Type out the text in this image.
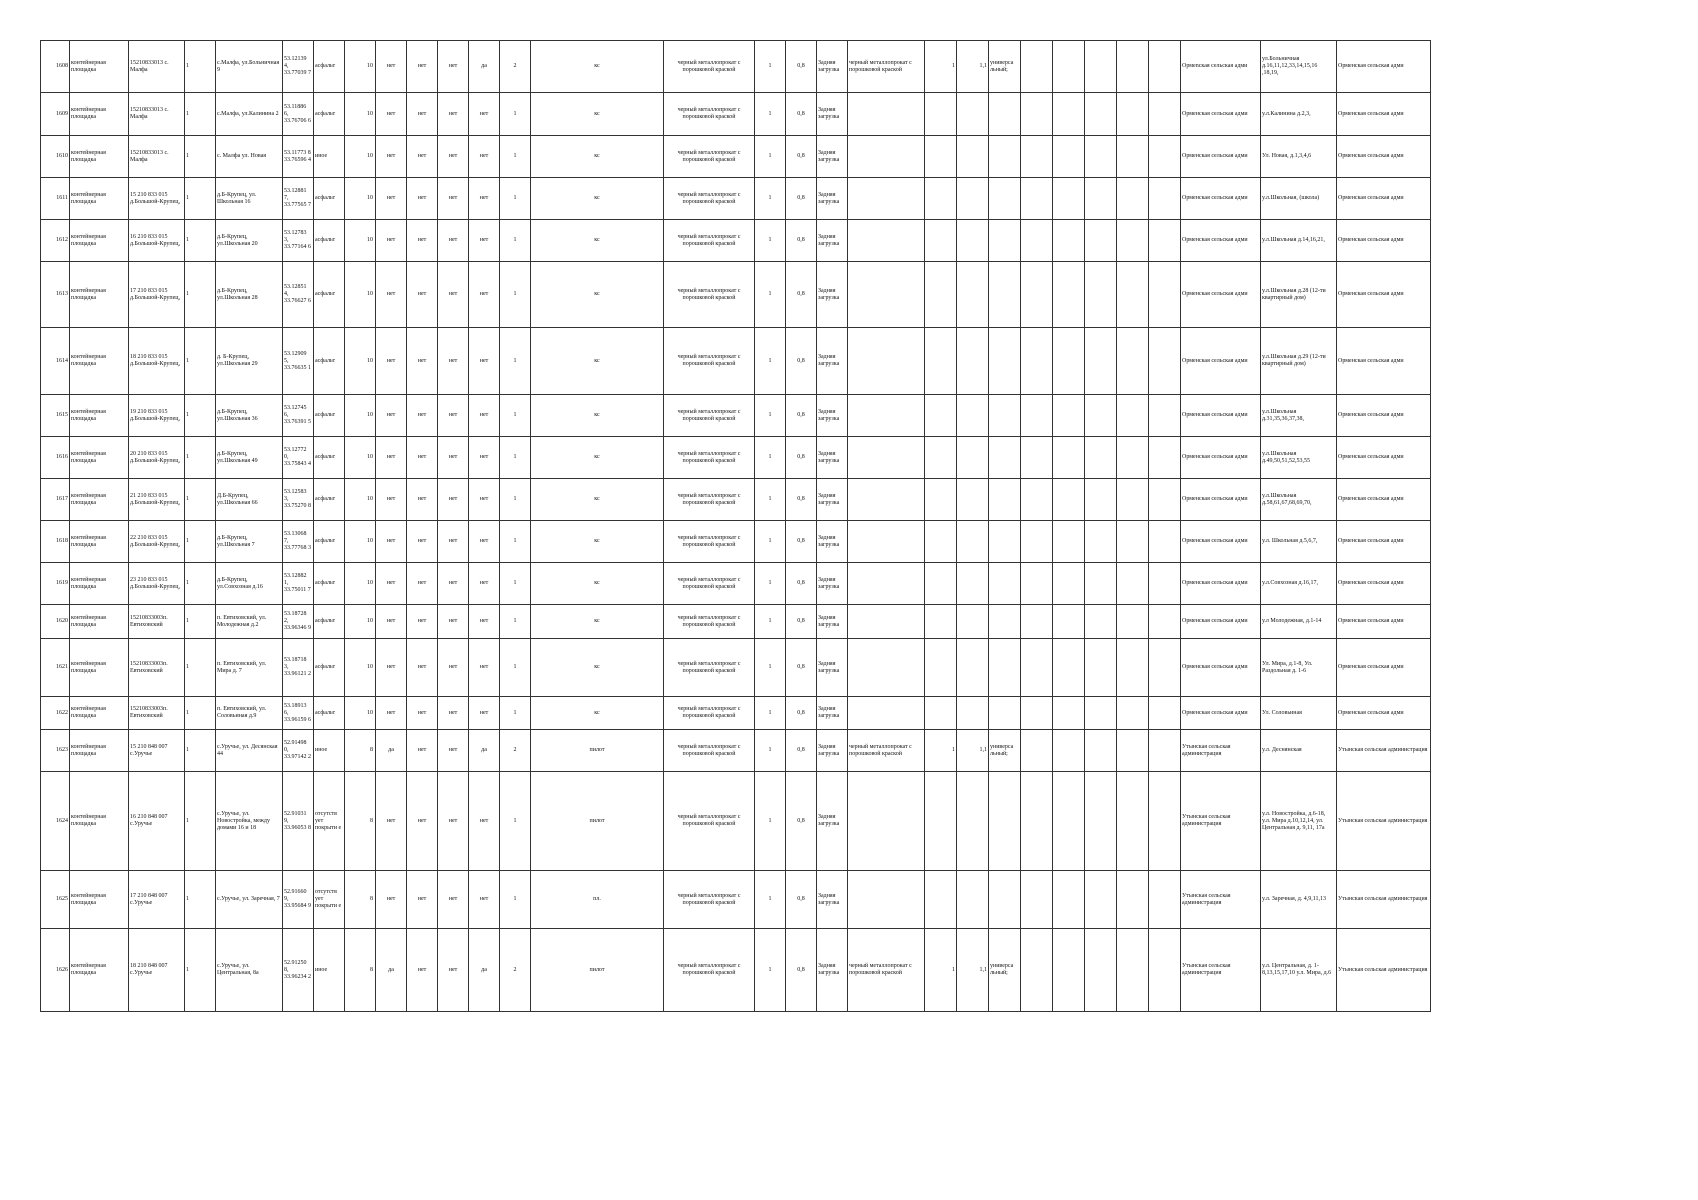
1608	контейнерная площадка	15210833013 с. Малфа	1	с.Малфа, ул.Больничная 9	53.12139 4, 33.77039 7	асфальт	10	нет	нет	нет	да	2	кс	черный металлопрокат с порошковой краской	1	0,8	Задняя загрузка	черный металлопрокат с порошковой краской	1	1,1	универса льный;						Ормenская сельская адми	ул.Больничная д.16,11,12,33,14,15,16 ,18,19,	Орменская сельская адми
1609	контейнерная площадка	15210833013 с. Малфа	1	с.Малфа, ул.Калинина 2	53.11886 6, 33.76706 6	асфальт	10	нет	нет	нет	нет	1	кс	черный металлопрокат с порошковой краской	1	0,8	Задняя загрузка										Орменская сельская адми	у.л.Калинина д.2,3,	Орменская сельская адми
1610	контейнерная площадка	15210833013 с. Малфа	1	с. Малфа ул. Новая	53.11773 8 33.76596 4	иное	10	нет	нет	нет	нет	1	кс	черный металлопрокат с порошковой краской	1	0,8	Задняя загрузка										Орменская сельская адми	Ул. Новая, д.1,3,4,6	Орменская сельская адми
1611	контейнерная площадка	15 210 833 015 д.Большой-Крупец,	1	д.Б-Крупец, ул. Школьная 16	53.12881 7, 33.77565 7	асфальт	10	нет	нет	нет	нет	1	кс	черный металлопрокат с порошковой краской	1	0,8	Задняя загрузка										Орменская сельская адми	у.л.Школьная, (школа)	Орменская сельская адми
1612	контейнерная площадка	16 210 833 015 д.Большой-Крупец,	1	д.Б-Крупец, ул.Школьная 20	53.12783 3, 33.77164 6	асфальт	10	нет	нет	нет	нет	1	кс	черный металлопрокат с порошковой краской	1	0,8	Задняя загрузка										Орменская сельская адми	у.л.Школьная д.14,16,21,	Орменская сельская адми
1613	контейнерная площадка	17 210 833 015 д.Большой-Крупец,	1	д.Б-Крупец, ул.Школьная 28	53.12851 4, 33.76627 6	асфальт	10	нет	нет	нет	нет	1	кс	черный металлопрокат с порошковой краской	1	0,8	Задняя загрузка										Орменская сельская адми	у.л.Школьная д.28 (12-ти квартирный дом)	Орменская сельская адми
1614	контейнерная площадка	18 210 833 015 д.Большой-Крупец,	1	д. Б-Крупец, ул.Школьная 29	53.12909 5, 33.76635 1	асфальт	10	нет	нет	нет	нет	1	кс	черный металлопрокат с порошковой краской	1	0,8	Задняя загрузка										Орменская сельская адми	у.л.Школьная д.29 (12-ти квартирный дом)	Орменская сельская адми
1615	контейнерная площадка	19 210 833 015 д.Большой-Крупец,	1	д.Б-Крупец, ул.Школьная 36	53.12745 6, 33.76391 5	асфальт	10	нет	нет	нет	нет	1	кс	черный металлопрокат с порошковой краской	1	0,8	Задняя загрузка										Орменская сельская адми	у.л.Школьная д.31,35,36,37,38,	Орменская сельская адми
1616	контейнерная площадка	20 210 833 015 д.Большой-Крупец,	1	д.Б-Крупец, ул.Школьная 49	53.12772 0, 33.75843 4	асфальт	10	нет	нет	нет	нет	1	кс	черный металлопрокат с порошковой краской	1	0,8	Задняя загрузка										Орменская сельская адми	у.л.Школьная д.49,50,51,52,53,55	Орменская сельская адми
1617	контейнерная площадка	21 210 833 015 д.Большой-Крупец,	1	Д.Б-Крупец, ул.Школьная 66	53.12583 3, 33.75270 8	асфальт	10	нет	нет	нет	нет	1	кс	черный металлопрокат с порошковой краской	1	0,8	Задняя загрузка										Орменская сельская адми	у.л.Школьная д.58,61,67,68,69,70,	Орменская сельская адми
1618	контейнерная площадка	22 210 833 015 д.Большой-Крупец,	1	д.Б-Крупец, ул.Школьная 7	53.13068 7, 33.77768 3	асфальт	10	нет	нет	нет	нет	1	кс	черный металлопрокат с порошковой краской	1	0,8	Задняя загрузка										Орменская сельская адми	у.л. Школьная д.5,6,7,	Орменская сельская адми
1619	контейнерная площадка	23 210 833 015 д.Большой-Крупец,	1	д.Б-Крупец, ул.Совхозная д.16	53.12882 1, 33.75011 7	асфальт	10	нет	нет	нет	нет	1	кс	черный металлопрокат с порошковой краской	1	0,8	Задняя загрузка										Орменская сельская адми	у.л.Совхозная д.16,17,	Орменская сельская адми
1620	контейнерная площадка	15210833003п. Евтиховский	1	п. Евтиховский, ул. Молодежная д.2	53.18728 2, 33.96346 9	асфальт	10	нет	нет	нет	нет	1	кс	черный металлопрокат с порошковой краской	1	0,8	Задняя загрузка										Орменская сельская адми	у.л Молодежная, д.1-14	Орменская сельская адми
1621	контейнерная площадка	15210833003п. Евтиховский	1	п. Евтиховский, ул. Мира д. 7	53.18718 3, 33.96121 2	асфальт	10	нет	нет	нет	нет	1	кс	черный металлопрокат с порошковой краской	1	0,8	Задняя загрузка										Орменская сельская адми	Ул. Мира, д.1-8, Ул. Раздольная д. 1-6	Орменская сельская адми
1622	контейнерная площадка	15210833003п. Евтиховский	1	п. Евтиховский, ул. Соловьиная д.9	53.18913 6, 33.96159 6	асфальт	10	нет	нет	нет	нет	1	кс	черный металлопрокат с порошковой краской	1	0,8	Задняя загрузка										Орменская сельская адми	Ул. Соловьиная	Орменская сельская адми
1623	контейнерная площадка	15 210 848 007 с.Уручье	1	с.Уручье, ул. Десянская 44	52.91498 0, 33.97142 2	иное	8	да	нет	нет	да	2	пилот	черный металлопрокат с порошковой краской	1	0,8	Задняя загрузка	черный металлопрокат с порошковой краской	1	1,1	универса льный;						Утынская сельская администрация	у.л. Деснянская	Утынская сельская администрация
1624	контейнерная площадка	16 210 848 007 с.Уручье	1	с.Уручье, ул. Новостройка, между домами 16 и 18	52.91031 9, 33.96053 8	отсутств ует покрыти е	8	нет	нет	нет	нет	1	пилот	черный металлопрокат с порошковой краской	1	0,8	Задняя загрузка										Утынская сельская администрация	у.л. Новостройка, д.6-18, у.л. Мира д.10,12,14, ул. Центральная д. 9,11, 17а	Утынская сельская администрация
1625	контейнерная площадка	17 210 848 007 с.Уручье	1	с.Уручье, ул. Заречная, 7	52.91660 9, 33.95684 9	отсутств ует покрыти е	8	нет	нет	нет	нет	1	пл.	черный металлопрокат с порошковой краской	1	0,8	Задняя загрузка										Утынская сельская администрация	у.л. Заречная, д. 4,9,11,13	Утынская сельская администрация
1626	контейнерная площадка	18 210 848 007 с.Уручье	1	с.Уручье, ул. Центральная, 8а	52.91250 8, 33.96234 2	иное	8	да	нет	нет	да	2	пилот	черный металлопрокат с порошковой краской	1	0,8	Задняя загрузка	черный металлопрокат с порошковой краской	1	1,1	универса льный;						Утынская сельская администрация	у.л. Центральная, д. 1-8,13,15,17,10 у.л. Мира, д.6	Утынская сельская администрация
